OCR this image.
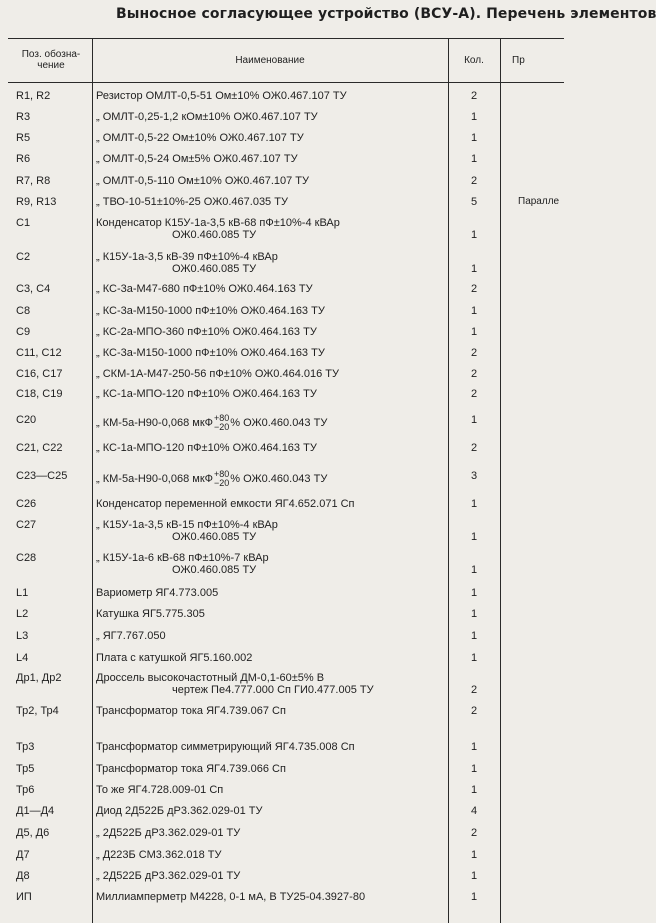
Выносное согласующее устройство (ВСУ-А). Перечень элементов
Поз. обозна-чение	Наименование	Кол.	Пр
R1, R2	Резистор ОМЛТ-0,5-51 Ом±10% ОЖ0.467.107 ТУ	2
R3	„ ОМЛТ-0,25-1,2 кОм±10% ОЖ0.467.107 ТУ	1
R5	„ ОМЛТ-0,5-22 Ом±10% ОЖ0.467.107 ТУ	1
R6	„ ОМЛТ-0,5-24 Ом±5% ОЖ0.467.107 ТУ	1
R7, R8	„ ОМЛТ-0,5-110 Ом±10% ОЖ0.467.107 ТУ	2
R9, R13	„ ТВО-10-51±10%-25 ОЖ0.467.035 ТУ	5	Паралле
C1	Конденсатор К15У-1а-3,5 кВ-68 пФ±10%-4 кВАр
ОЖ0.460.085 ТУ	1
C2	„ К15У-1а-3,5 кВ-39 пФ±10%-4 кВАр
ОЖ0.460.085 ТУ	1
C3, C4	„ КС-3а-М47-680 пФ±10% ОЖ0.464.163 ТУ	2
C8	„ КС-3а-М150-1000 пФ±10% ОЖ0.464.163 ТУ	1
C9	„ КС-2а-МПО-360 пФ±10% ОЖ0.464.163 ТУ	1
C11, C12	„ КС-3а-М150-1000 пФ±10% ОЖ0.464.163 ТУ	2
C16, C17	„ СКМ-1А-М47-250-56 пФ±10% ОЖ0.464.016 ТУ	2
C18, C19	„ КС-1а-МПО-120 пФ±10% ОЖ0.464.163 ТУ	2
C20	„ КМ-5а-Н90-0,068 мкФ +80
−20 % ОЖ0.460.043 ТУ	1
C21, C22	„ КС-1а-МПО-120 пФ±10% ОЖ0.464.163 ТУ	2
C23—C25	„ КМ-5а-Н90-0,068 мкФ +80
−20 % ОЖ0.460.043 ТУ	3
C26	Конденсатор переменной емкости ЯГ4.652.071 Сп	1
C27	„ К15У-1а-3,5 кВ-15 пФ±10%-4 кВАр
ОЖ0.460.085 ТУ	1
C28	„ К15У-1а-6 кВ-68 пФ±10%-7 кВАр
ОЖ0.460.085 ТУ	1
L1	Вариометр ЯГ4.773.005	1
L2	Катушка ЯГ5.775.305	1
L3	„ ЯГ7.767.050	1
L4	Плата с катушкой ЯГ5.160.002	1
Др1, Др2	Дроссель высокочастотный ДМ-0,1-60±5% В
чертеж Пе4.777.000 Сп ГИ0.477.005 ТУ	2
Тр2, Тр4	Трансформатор тока ЯГ4.739.067 Сп	2
Тр3	Трансформатор симметрирующий ЯГ4.735.008 Сп	1
Тр5	Трансформатор тока ЯГ4.739.066 Сп	1
Тр6	То же ЯГ4.728.009-01 Сп	1
Д1—Д4	Диод 2Д522Б дР3.362.029-01 ТУ	4
Д5, Д6	„ 2Д522Б дР3.362.029-01 ТУ	2
Д7	„ Д223Б СМ3.362.018 ТУ	1
Д8	„ 2Д522Б дР3.362.029-01 ТУ	1
ИП	Миллиамперметр М4228, 0-1 мА, В ТУ25-04.3927-80	1
